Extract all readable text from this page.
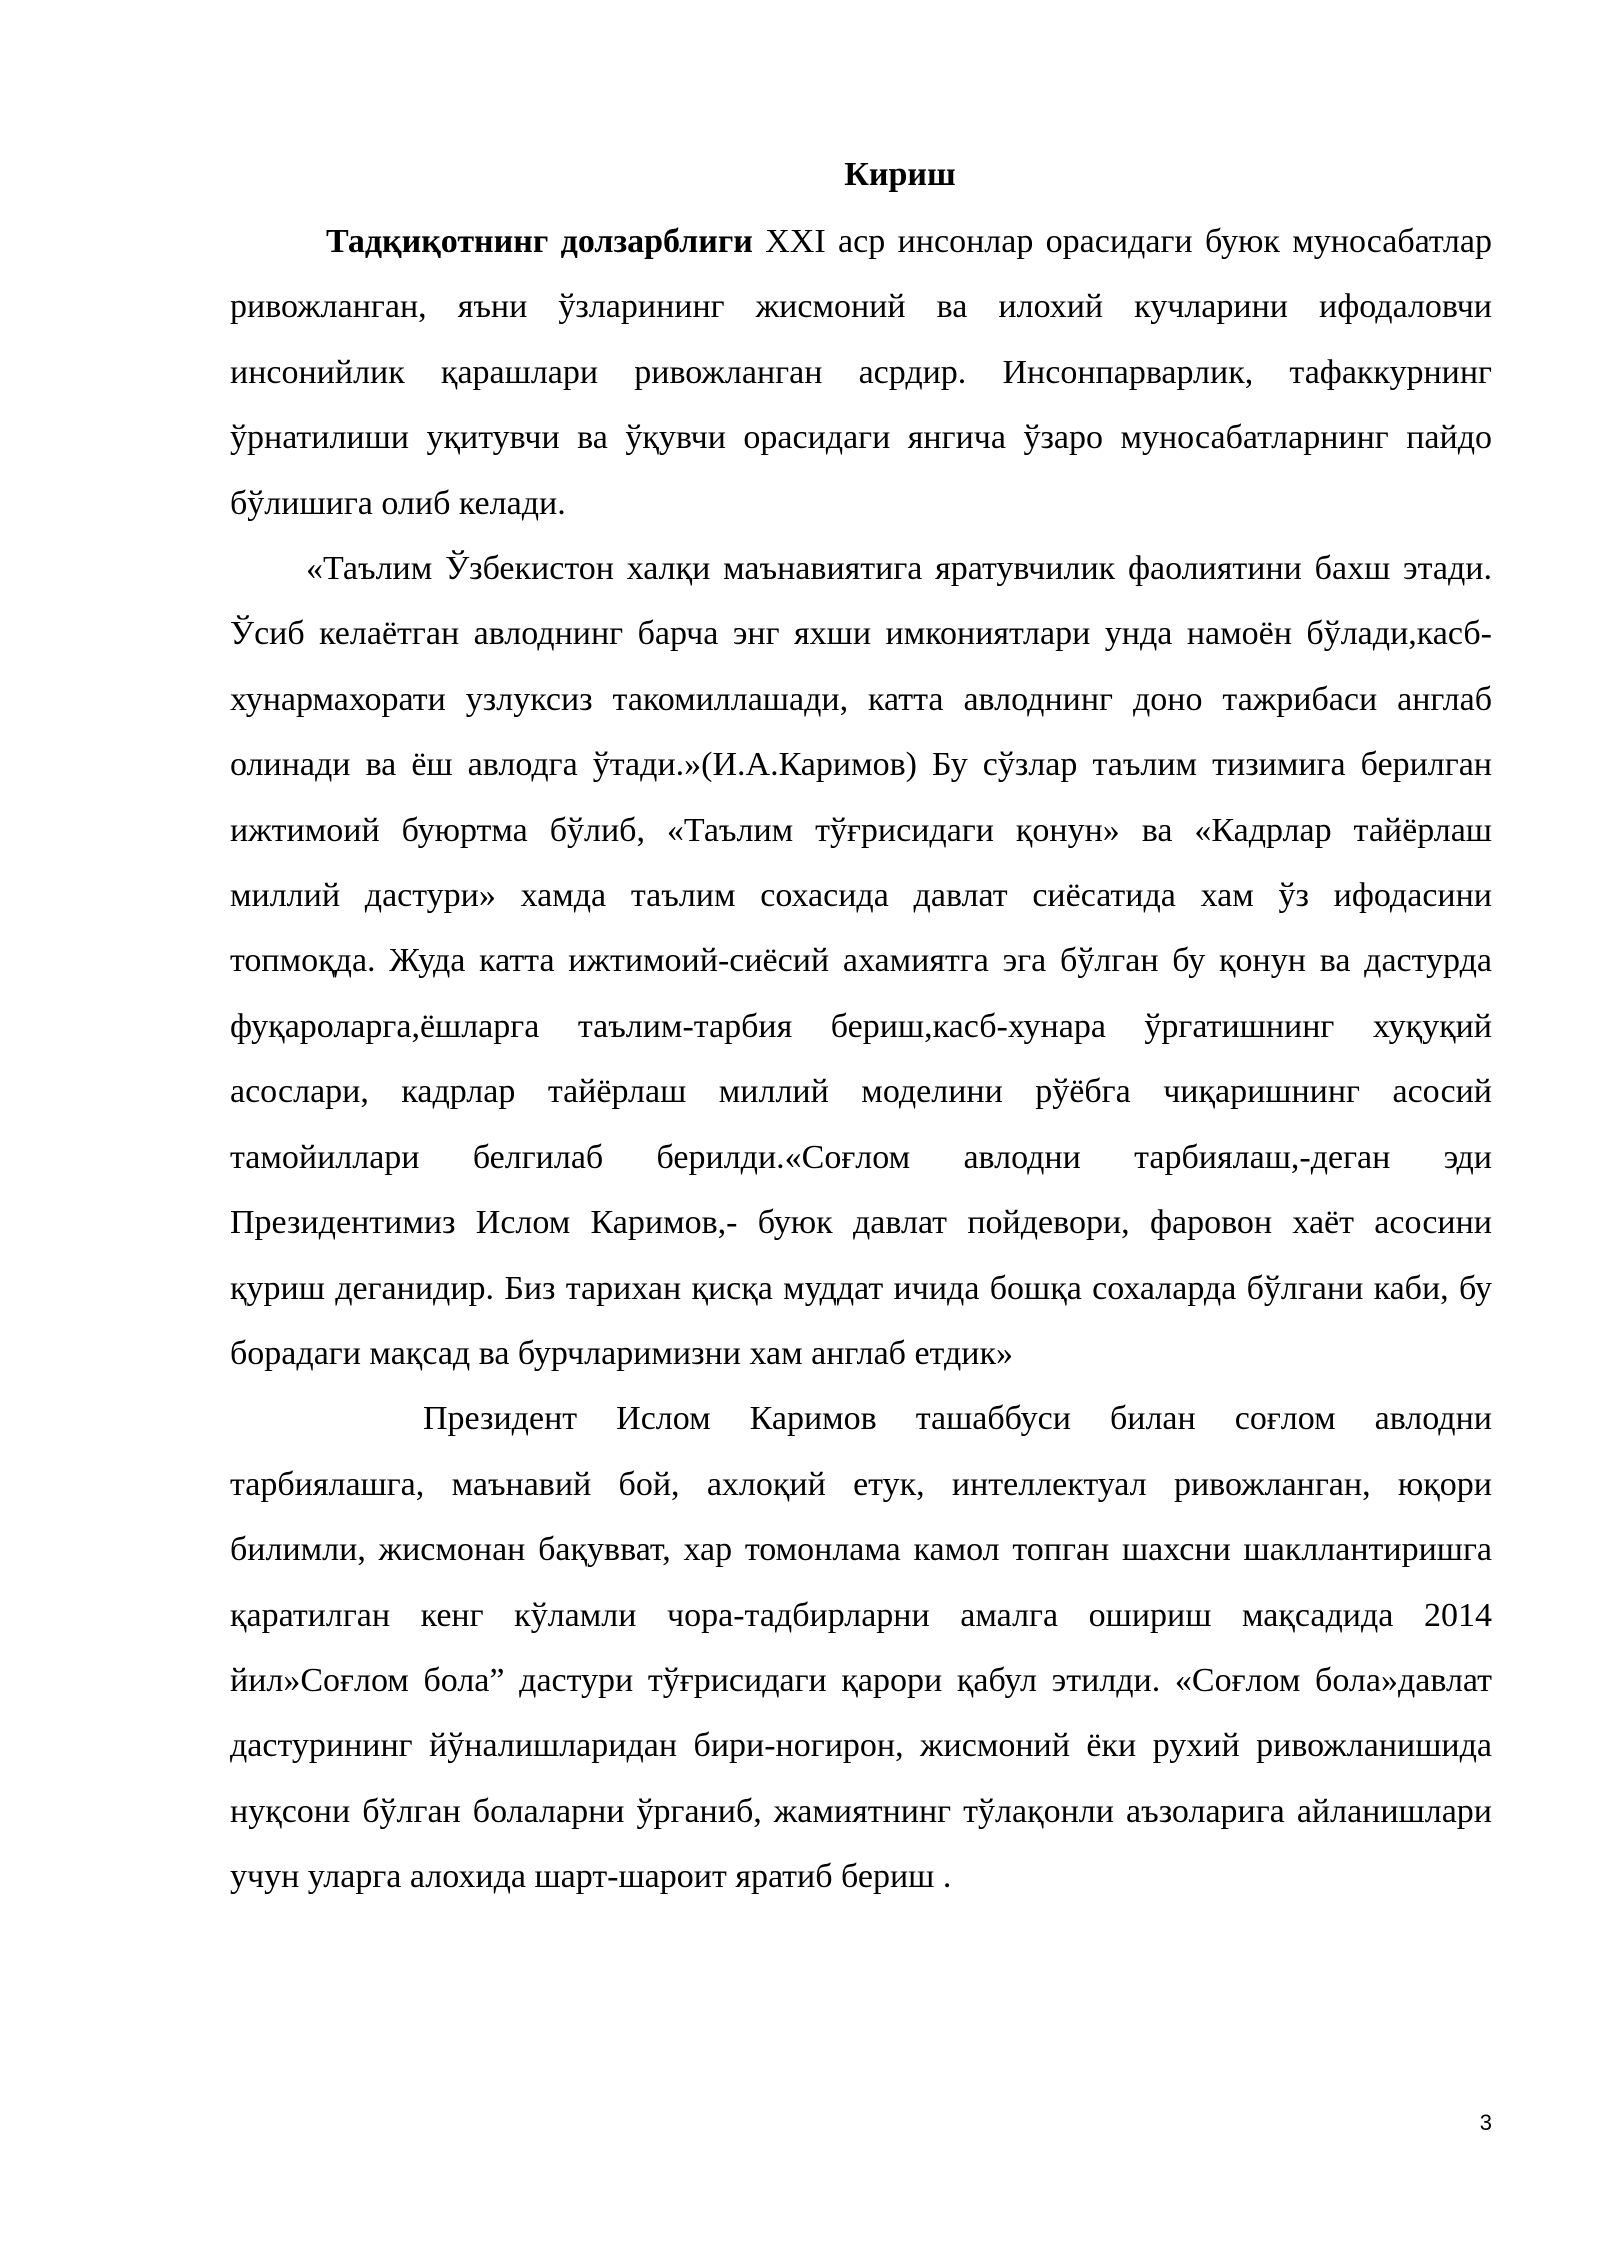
Кириш

Тадқиқотнинг долзарблиги XXI аср инсонлар орасидаги буюк муносабатлар ривожланган, яъни ўзларининг жисмоний ва илохий кучларини ифодаловчи инсонийлик қарашлари ривожланган асрдир. Инсонпарварлик, тафаккурнинг ўрнатилиши уқитувчи ва ўқувчи орасидаги янгича ўзаро муносабатларнинг пайдо бўлишига олиб келади.

«Таълим Ўзбекистон халқи маънавиятига яратувчилик фаолиятини бахш этади. Ўсиб келаётган авлоднинг барча энг яхши имкониятлари унда намоён бўлади,касб-хунармахорати узлуксиз такомиллашади, катта авлоднинг доно тажрибаси англаб олинади ва ёш авлодга ўтади.»(И.А.Каримов) Бу сўзлар таълим тизимига берилган ижтимоий буюртма бўлиб, «Таълим тўғрисидаги қонун» ва «Кадрлар тайёрлаш миллий дастури» хамда таълим сохасида давлат сиёсатида хам ўз ифодасини топмоқда. Жуда катта ижтимоий-сиёсий ахамиятга эга бўлган бу қонун ва дастурда фуқароларга,ёшларга таълим-тарбия бериш,касб-хунара ўргатишнинг хуқуқий асослари, кадрлар тайёрлаш миллий моделини рўёбга чиқаришнинг асосий тамойиллари белгилаб берилди.«Соғлом авлодни тарбиялаш,-деган эди Президентимиз Ислом Каримов,- буюк давлат пойдевори, фаровон хаёт асосини қуриш деганидир. Биз тарихан қисқа муддат ичида бошқа сохаларда бўлгани каби, бу борадаги мақсад ва бурчларимизни хам англаб етдик»

Президент Ислом Каримов ташаббуси билан соғлом авлодни тарбиялашга, маънавий бой, ахлоқий етук, интеллектуал ривожланган, юқори билимли, жисмонан бақувват, хар томонлама камол топган шахсни шакллантиришга қаратилган кенг кўламли чора-тадбирларни амалга ошириш мақсадида 2014 йил»Соғлом бола” дастури тўғрисидаги қарори қабул этилди. «Соғлом бола»давлат дастурининг йўналишларидан бири-ногирон, жисмоний ёки рухий ривожланишида нуқсони бўлган болаларни ўрганиб, жамиятнинг тўлақонли аъзоларига айланишлари учун уларга алохида шарт-шароит яратиб бериш .

3
